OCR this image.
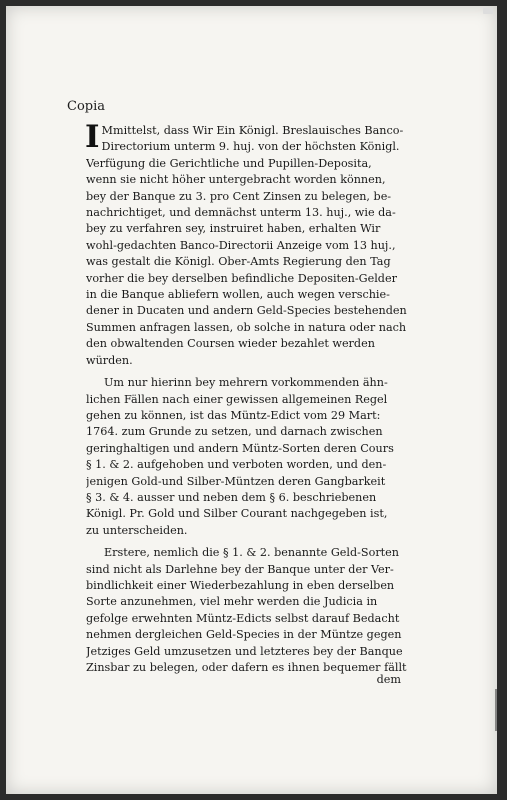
Copia
I Mmittelst, dass Wir Ein Königl. Breslauisches Banco-
Directorium unterm 9. huj. von der höchsten Königl.
Verfügung die Gerichtliche und Pupillen-Deposita,
wenn sie nicht höher untergebracht worden können,
bey der Banque zu 3. pro Cent Zinsen zu belegen, be-
nachrichtiget, und demnächst unterm 13. huj., wie da-
bey zu verfahren sey, instruiret haben, erhalten Wir
wohl-gedachten Banco-Directorii Anzeige vom 13 huj.,
was gestalt die Königl. Ober-Amts Regierung den Tag
vorher die bey derselben befindliche Depositen-Gelder
in die Banque abliefern wollen, auch wegen verschie-
dener in Ducaten und andern Geld-Species bestehenden
Summen anfragen lassen, ob solche in natura oder nach
den obwaltenden Coursen wieder bezahlet werden
würden.
Um nur hierinn bey mehrern vorkommenden ähn-
lichen Fällen nach einer gewissen allgemeinen Regel
gehen zu können, ist das Müntz-Edict vom 29 Mart:
1764. zum Grunde zu setzen, und darnach zwischen
geringhaltigen und andern Müntz-Sorten deren Cours
§ 1. & 2. aufgehoben und verboten worden, und den-
jenigen Gold-und Silber-Müntzen deren Gangbarkeit
§ 3. & 4. ausser und neben dem § 6. beschriebenen
Königl. Pr. Gold und Silber Courant nachgegeben ist,
zu unterscheiden.
Erstere, nemlich die § 1. & 2. benannte Geld-Sorten
sind nicht als Darlehne bey der Banque unter der Ver-
bindlichkeit einer Wiederbezahlung in eben derselben
Sorte anzunehmen, viel mehr werden die Judicia in
gefolge erwehnten Müntz-Edicts selbst darauf Bedacht
nehmen dergleichen Geld-Species in der Müntze gegen
Jetziges Geld umzusetzen und letzteres bey der Banque
Zinsbar zu belegen, oder dafern es ihnen bequemer fällt
dem
